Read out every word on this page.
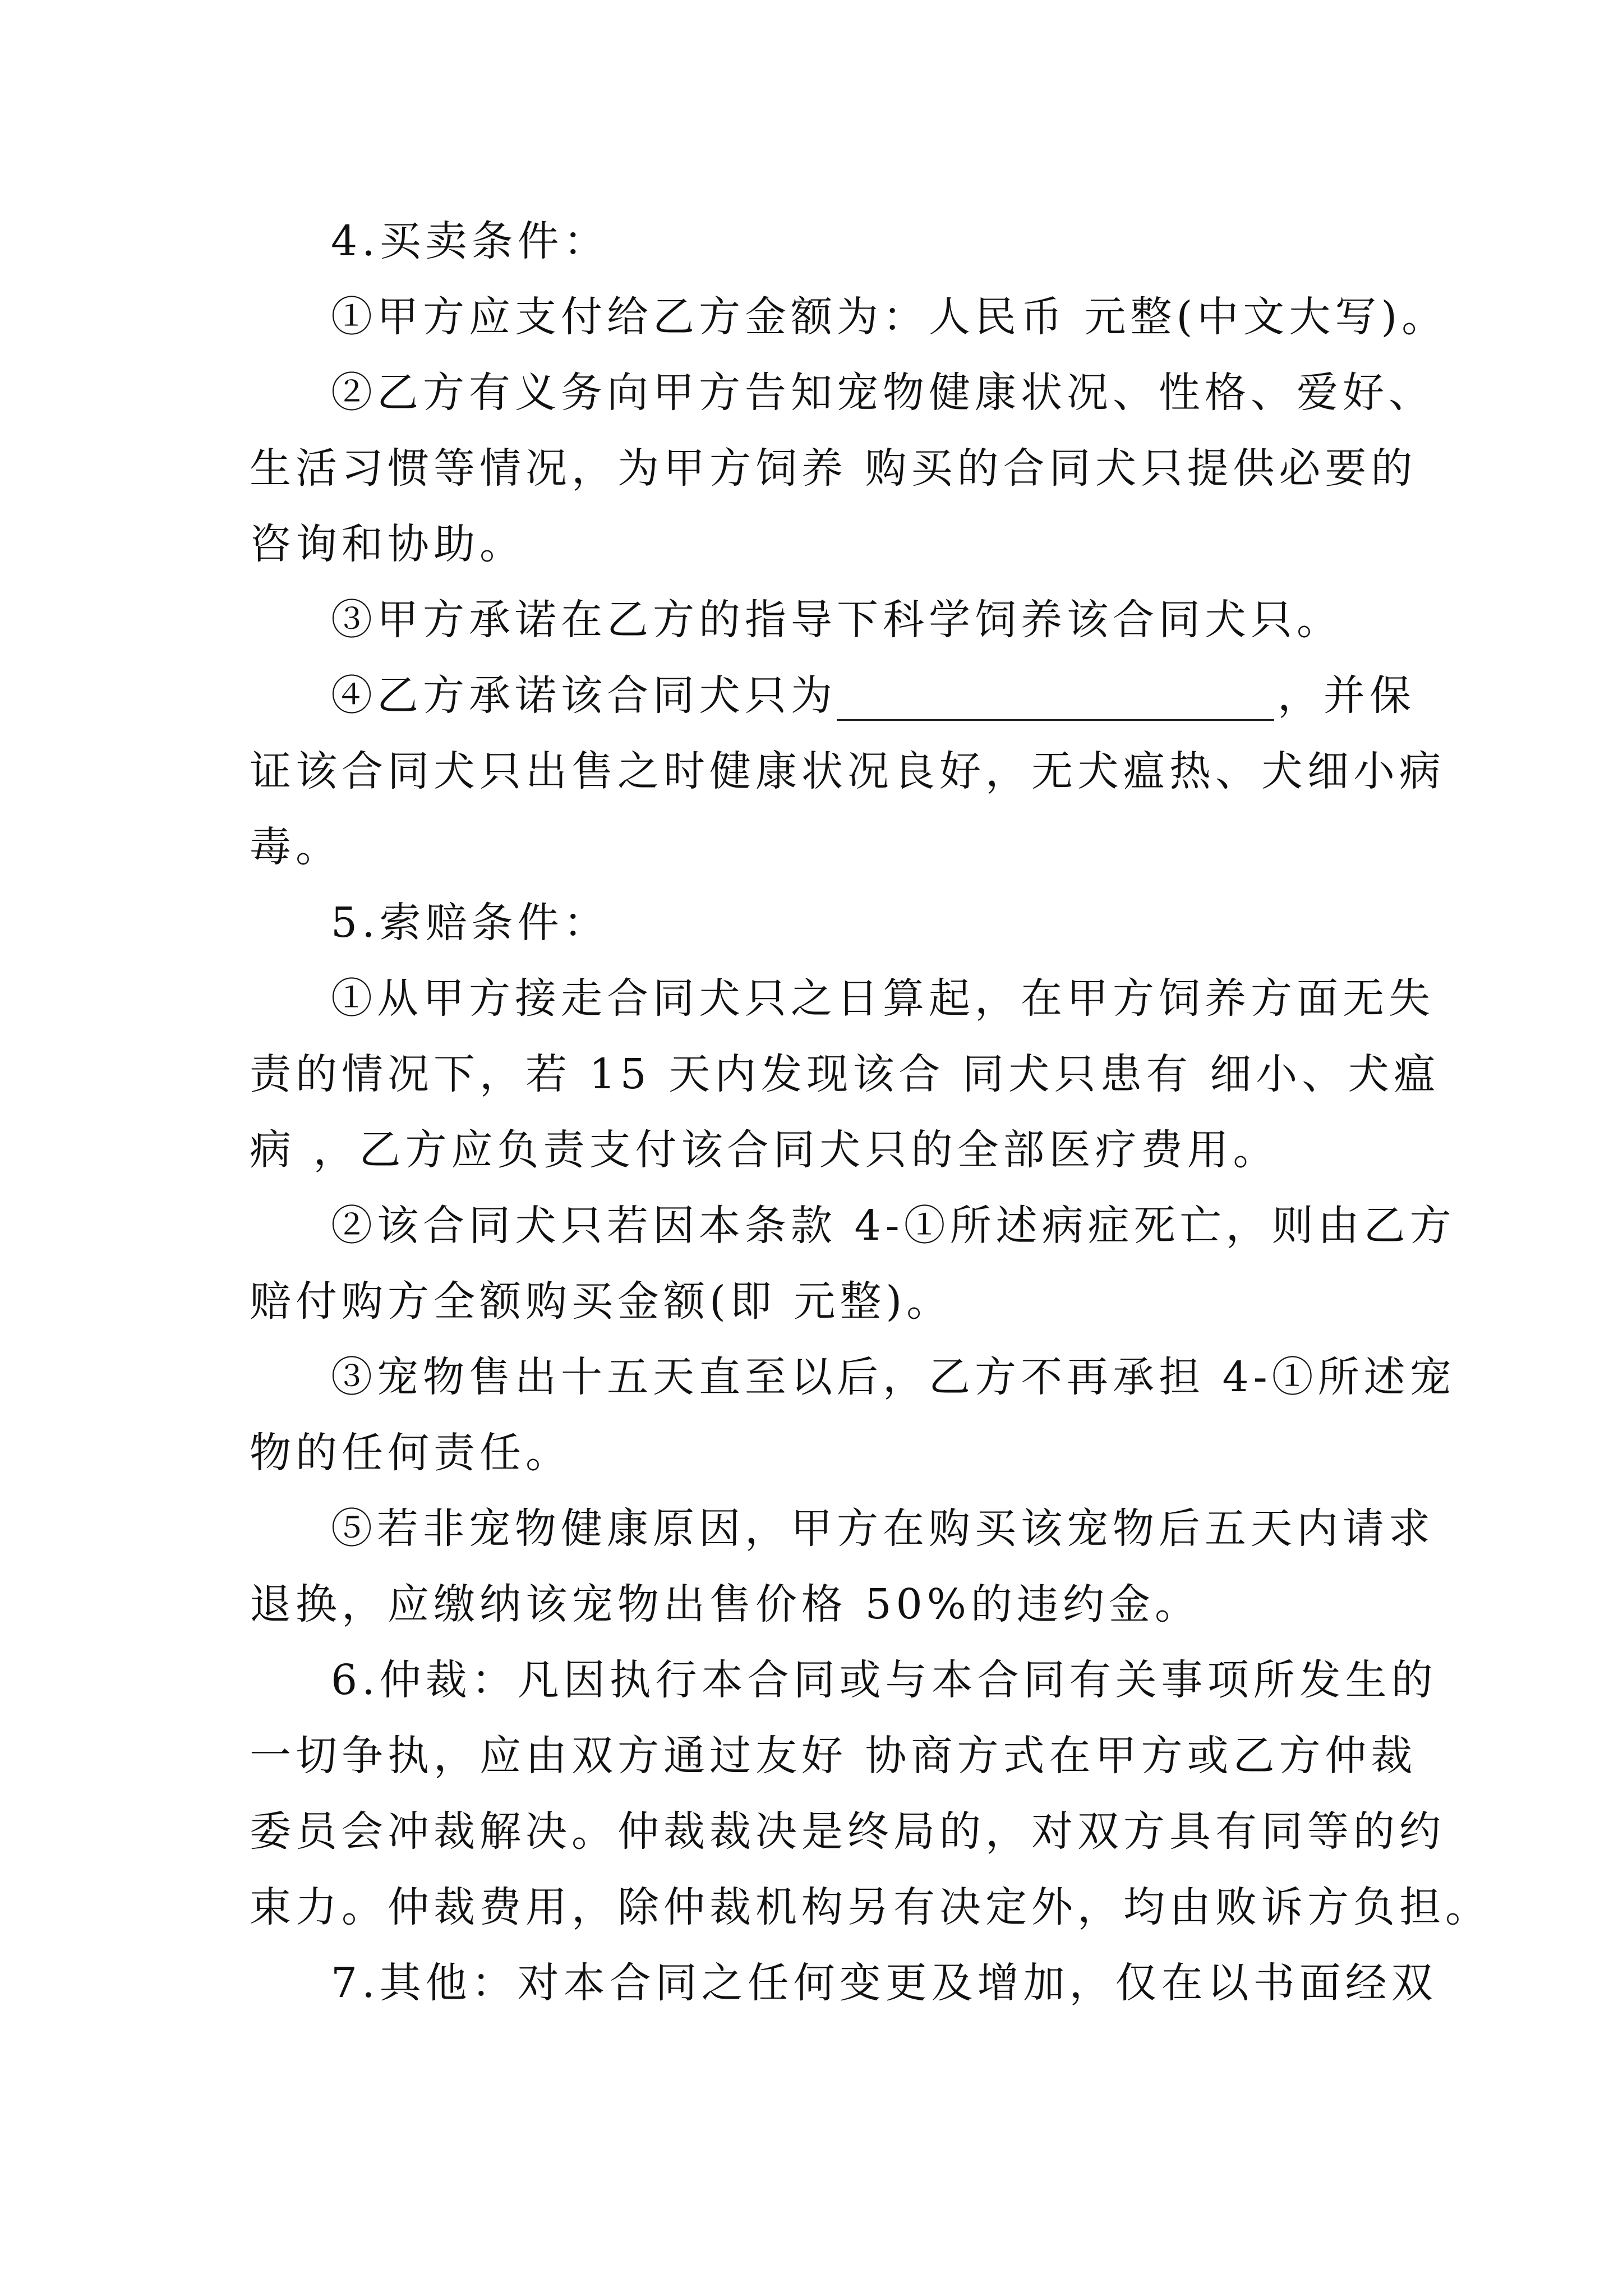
4.买卖条件：
①甲方应支付给乙方金额为：人民币 元整(中文大写)。
②乙方有义务向甲方告知宠物健康状况、性格、爱好、
生活习惯等情况，为甲方饲养 购买的合同犬只提供必要的
咨询和协助。
③甲方承诺在乙方的指导下科学饲养该合同犬只。
④乙方承诺该合同犬只为	，并保
证该合同犬只出售之时健康状况良好，无犬瘟热、犬细小病
毒。
5.索赔条件：
①从甲方接走合同犬只之日算起，在甲方饲养方面无失
责的情况下，若 15 天内发现该合 同犬只患有 细小、犬瘟
病 ，乙方应负责支付该合同犬只的全部医疗费用。
②该合同犬只若因本条款 4-①所述病症死亡，则由乙方
赔付购方全额购买金额(即 元整)。
③宠物售出十五天直至以后，乙方不再承担 4-①所述宠
物的任何责任。
⑤若非宠物健康原因，甲方在购买该宠物后五天内请求
退换，应缴纳该宠物出售价格 50%的违约金。
6.仲裁：凡因执行本合同或与本合同有关事项所发生的
一切争执，应由双方通过友好 协商方式在甲方或乙方仲裁
委员会冲裁解决。仲裁裁决是终局的，对双方具有同等的约
束力。仲裁费用，除仲裁机构另有决定外，均由败诉方负担。
7.其他：对本合同之任何变更及增加，仅在以书面经双
